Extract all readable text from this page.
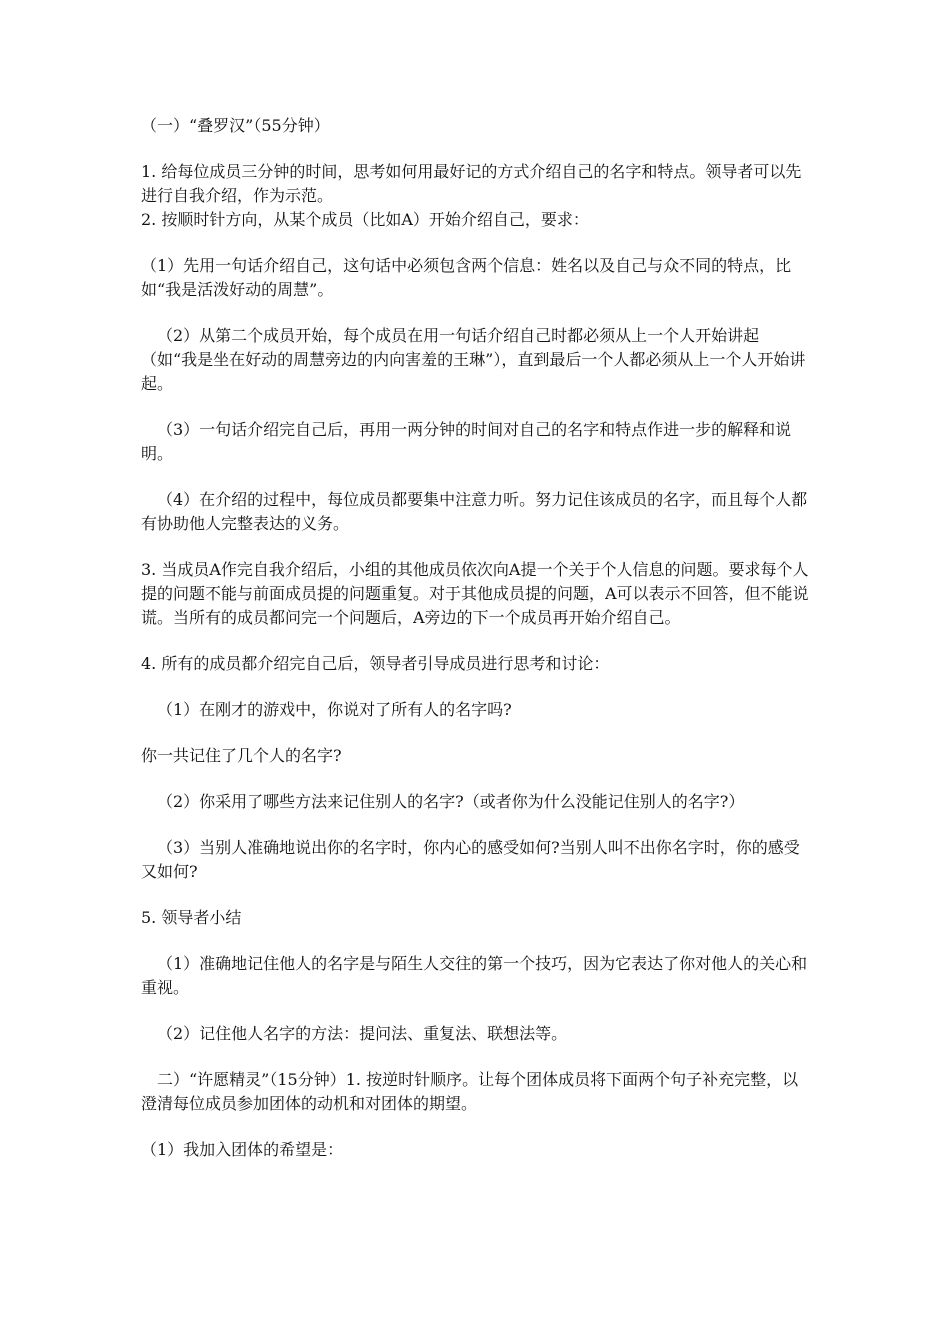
（一）“叠罗汉”（55分钟）

1. 给每位成员三分钟的时间，思考如何用最好记的方式介绍自己的名字和特点。领导者可以先进行自我介绍，作为示范。

2. 按顺时针方向，从某个成员（比如A）开始介绍自己，要求：

（1）先用一句话介绍自己，这句话中必须包含两个信息：姓名以及自己与众不同的特点，比如“我是活泼好动的周慧”。

（2）从第二个成员开始，每个成员在用一句话介绍自己时都必须从上一个人开始讲起（如“我是坐在好动的周慧旁边的内向害羞的王琳”），直到最后一个人都必须从上一个人开始讲起。

（3）一句话介绍完自己后，再用一两分钟的时间对自己的名字和特点作进一步的解释和说明。

（4）在介绍的过程中，每位成员都要集中注意力听。努力记住该成员的名字，而且每个人都有协助他人完整表达的义务。

3. 当成员A作完自我介绍后，小组的其他成员依次向A提一个关于个人信息的问题。要求每个人提的问题不能与前面成员提的问题重复。对于其他成员提的问题，A可以表示不回答，但不能说谎。当所有的成员都问完一个问题后，A旁边的下一个成员再开始介绍自己。

4. 所有的成员都介绍完自己后，领导者引导成员进行思考和讨论：

（1）在刚才的游戏中，你说对了所有人的名字吗?

你一共记住了几个人的名字?

（2）你采用了哪些方法来记住别人的名字?（或者你为什么没能记住别人的名字?）

（3）当别人准确地说出你的名字时，你内心的感受如何?当别人叫不出你名字时，你的感受又如何?

5. 领导者小结

（1）准确地记住他人的名字是与陌生人交往的第一个技巧，因为它表达了你对他人的关心和重视。

（2）记住他人名字的方法：提问法、重复法、联想法等。

二）“许愿精灵”（15分钟）1. 按逆时针顺序。让每个团体成员将下面两个句子补充完整，以澄清每位成员参加团体的动机和对团体的期望。

（1）我加入团体的希望是：
